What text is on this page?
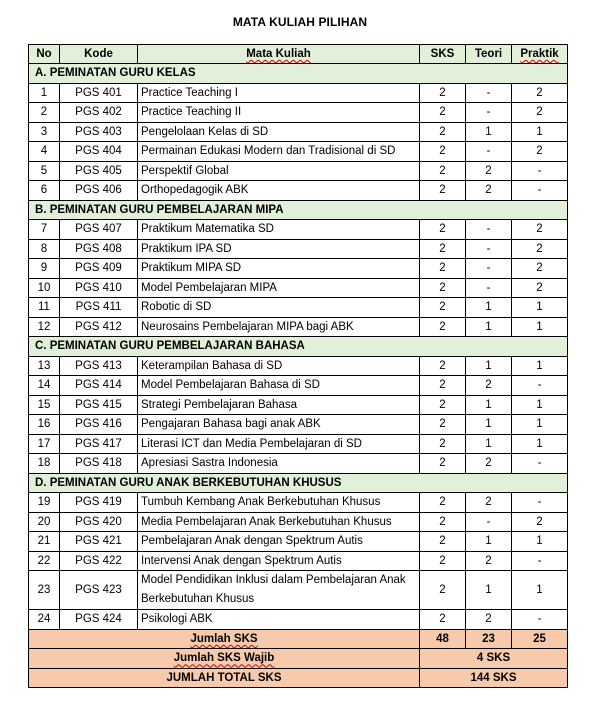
MATA KULIAH PILIHAN
No	Kode	Mata Kuliah	SKS	Teori	Praktik
A. PEMINATAN GURU KELAS					
1	PGS 401	Practice Teaching I	2	-	2
2	PGS 402	Practice Teaching II	2	-	2
3	PGS 403	Pengelolaan Kelas di SD	2	1	1
4	PGS 404	Permainan Edukasi Modern dan Tradisional di SD	2	-	2
5	PGS 405	Perspektif Global	2	2	-
6	PGS 406	Orthopedagogik ABK	2	2	-
B. PEMINATAN GURU PEMBELAJARAN MIPA					
7	PGS 407	Praktikum Matematika SD	2	-	2
8	PGS 408	Praktikum IPA SD	2	-	2
9	PGS 409	Praktikum MIPA SD	2	-	2
10	PGS 410	Model Pembelajaran MIPA	2	-	2
11	PGS 411	Robotic di SD	2	1	1
12	PGS 412	Neurosains Pembelajaran MIPA bagi ABK	2	1	1
C. PEMINATAN GURU PEMBELAJARAN BAHASA					
13	PGS 413	Keterampilan Bahasa di SD	2	1	1
14	PGS 414	Model Pembelajaran Bahasa di SD	2	2	-
15	PGS 415	Strategi Pembelajaran Bahasa	2	1	1
16	PGS 416	Pengajaran Bahasa bagi anak ABK	2	1	1
17	PGS 417	Literasi ICT dan Media Pembelajaran di SD	2	1	1
18	PGS 418	Apresiasi Sastra Indonesia	2	2	-
D. PEMINATAN GURU ANAK BERKEBUTUHAN KHUSUS					
19	PGS 419	Tumbuh Kembang Anak Berkebutuhan Khusus	2	2	-
20	PGS 420	Media Pembelajaran Anak Berkebutuhan Khusus	2	-	2
21	PGS 421	Pembelajaran Anak dengan Spektrum Autis	2	1	1
22	PGS 422	Intervensi Anak dengan Spektrum Autis	2	2	-
23	PGS 423	Model Pendidikan Inklusi dalam Pembelajaran Anak Berkebutuhan Khusus	2	1	1
24	PGS 424	Psikologi ABK	2	2	-
Jumlah SKS			48	23	25
Jumlah SKS Wajib			4 SKS		
JUMLAH TOTAL SKS			144 SKS		
